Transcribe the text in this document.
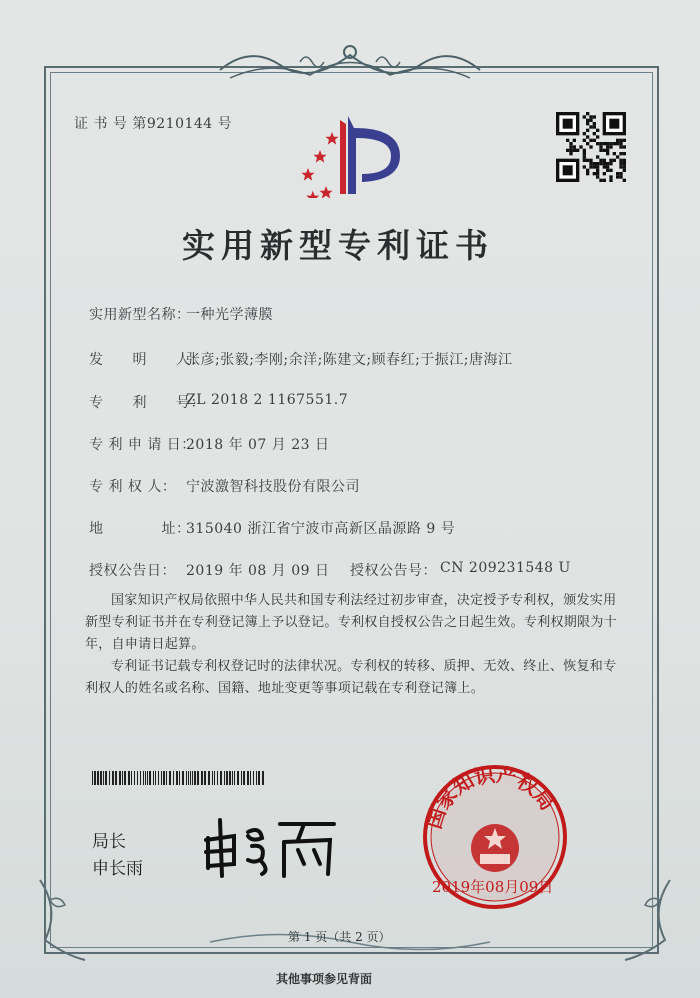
证 书 号 第9210144 号
实用新型专利证书
实用新型名称：
一种光学薄膜
发　　明　　人：
张彦;张毅;李刚;余洋;陈建文;顾春红;于振江;唐海江
专　　利　　号：
ZL 2018 2 1167551.7
专 利 申 请 日：
2018 年 07 月 23 日
专 利 权 人： 宁波激智科技股份有限公司
地　　　　址：
315040 浙江省宁波市高新区晶源路 9 号
授权公告日： 2019 年 08 月 09 日 授权公告号： CN 209231548 U
国家知识产权局依照中华人民共和国专利法经过初步审查，决定授予专利权，颁发实用新型专利证书并在专利登记簿上予以登记。专利权自授权公告之日起生效。专利权期限为十年，自申请日起算。
专利证书记载专利权登记时的法律状况。专利权的转移、质押、无效、终止、恢复和专利权人的姓名或名称、国籍、地址变更等事项记载在专利登记簿上。
局长
申长雨
国家知识产权局
2019年08月09日
第 1 页（共 2 页）
其他事项参见背面
